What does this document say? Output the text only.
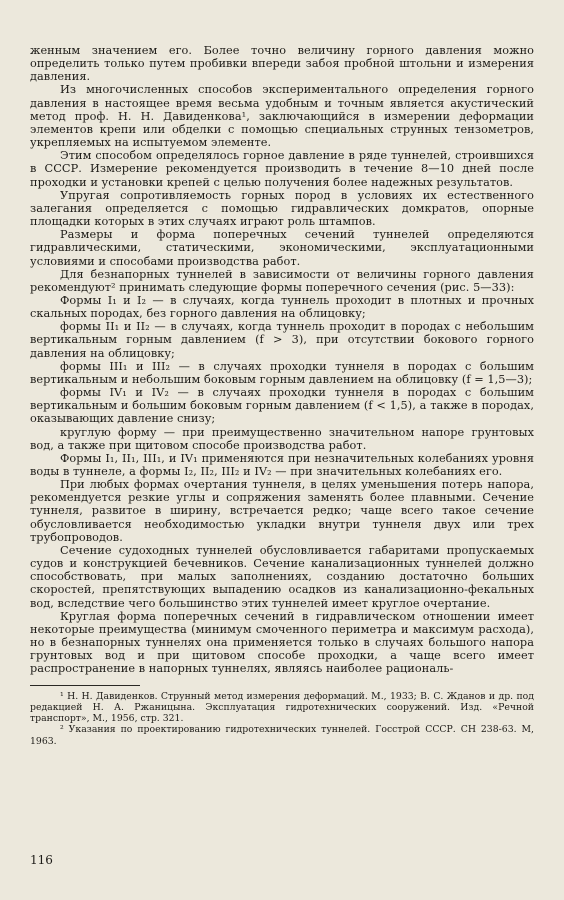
женным значением его. Более точно величину горного давления можно определить только путем пробивки впереди забоя пробной штольни и измерения давления.

Из многочисленных способов экспериментального определения горного давления в настоящее время весьма удобным и точным является акустический метод проф. Н. Н. Давиденкова¹, заключающийся в измерении деформации элементов крепи или обделки с помощью специальных струнных тензометров, укрепляемых на испытуемом элементе.

Этим способом определялось горное давление в ряде туннелей, строившихся в СССР. Измерение рекомендуется производить в течение 8—10 дней после проходки и установки крепей с целью получения более надежных результатов.

Упругая сопротивляемость горных пород в условиях их естественного залегания определяется с помощью гидравлических домкратов, опорные площадки которых в этих случаях играют роль штампов.

Размеры и форма поперечных сечений туннелей определяются гидравлическими, статическими, экономическими, эксплуатационными условиями и способами производства работ.

Для безнапорных туннелей в зависимости от величины горного давления рекомендуют² принимать следующие формы поперечного сечения (рис. 5—33):

Формы I₁ и I₂ — в случаях, когда туннель проходит в плотных и прочных скальных породах, без горного давления на облицовку;

формы II₁ и II₂ — в случаях, когда туннель проходит в породах с небольшим вертикальным горным давлением (f > 3), при отсутствии бокового горного давления на облицовку;

формы III₁ и III₂ — в случаях проходки туннеля в породах с большим вертикальным и небольшим боковым горным давлением на облицовку (f = 1,5—3);

формы IV₁ и IV₂ — в случаях проходки туннеля в породах с большим вертикальным и большим боковым горным давлением (f < 1,5), а также в породах, оказывающих давление снизу;

круглую форму — при преимущественно значительном напоре грунтовых вод, а также при щитовом способе производства работ.

Формы I₁, II₁, III₁, и IV₁ применяются при незначительных колебаниях уровня воды в туннеле, а формы I₂, II₂, III₂ и IV₂ — при значительных колебаниях его.

При любых формах очертания туннеля, в целях уменьшения потерь напора, рекомендуется резкие углы и сопряжения заменять более плавными. Сечение туннеля, развитое в ширину, встречается редко; чаще всего такое сечение обусловливается необходимостью укладки внутри туннеля двух или трех трубопроводов.

Сечение судоходных туннелей обусловливается габаритами пропускаемых судов и конструкцией бечевников. Сечение канализационных туннелей должно способствовать, при малых заполнениях, созданию достаточно больших скоростей, препятствующих выпадению осадков из канализационно-фекальных вод, вследствие чего большинство этих туннелей имеет круглое очертание.

Круглая форма поперечных сечений в гидравлическом отношении имеет некоторые преимущества (минимум смоченного периметра и максимум расхода), но в безнапорных туннелях она применяется только в случаях большого напора грунтовых вод и при щитовом способе проходки, а чаще всего имеет распространение в напорных туннелях, являясь наиболее рациональ-

¹ Н. Н. Давиденков. Струнный метод измерения деформаций. М., 1933; В. С. Жданов и др. под редакцией Н. А. Ржаницына. Эксплуатация гидротехнических сооружений. Изд. «Речной транспорт», М., 1956, стр. 321.

² Указания по проектированию гидротехнических туннелей. Госстрой СССР. СН 238-63. М, 1963.

116
